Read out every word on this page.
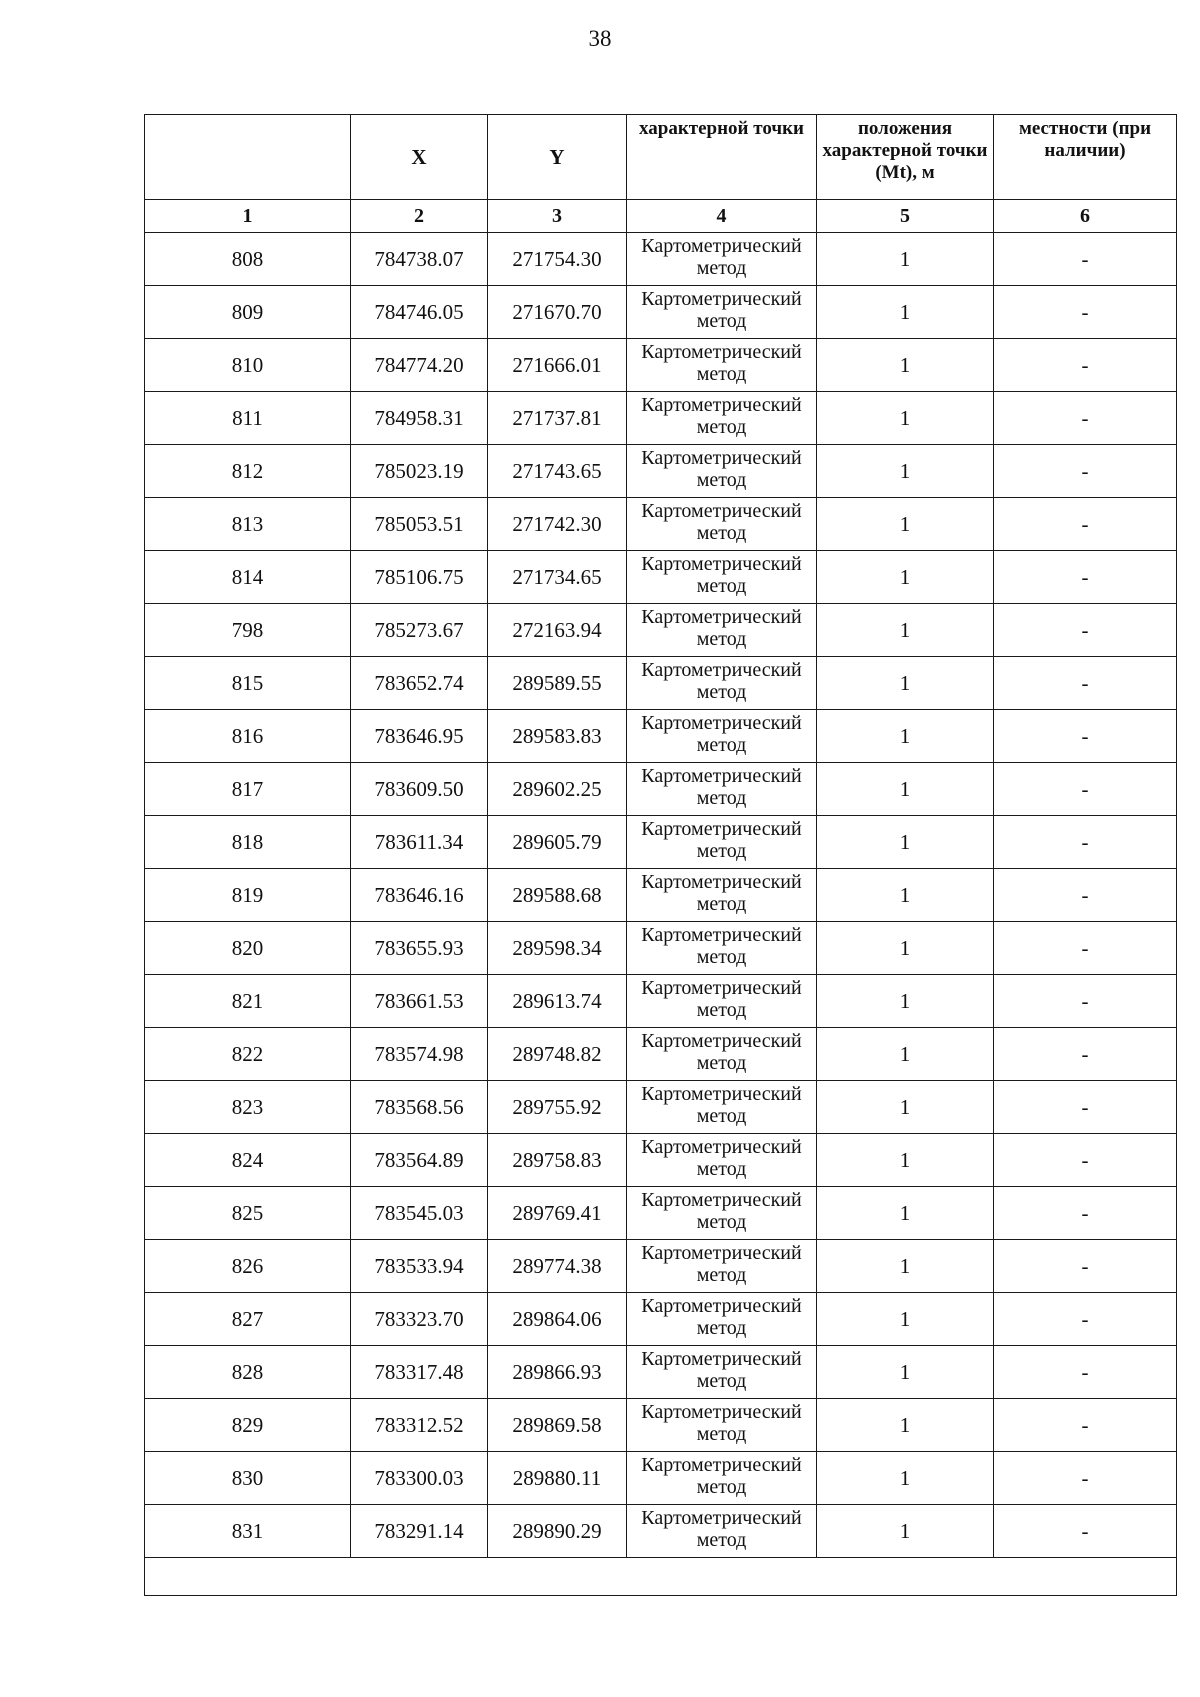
38
	X	Y	характерной точки	положения характерной точки (Mt), м	местности (при наличии)

1	2	3	4	5	6
808	784738.07	271754.30	Картометрический метод	1	-
809	784746.05	271670.70	Картометрический метод	1	-
810	784774.20	271666.01	Картометрический метод	1	-
811	784958.31	271737.81	Картометрический метод	1	-
812	785023.19	271743.65	Картометрический метод	1	-
813	785053.51	271742.30	Картометрический метод	1	-
814	785106.75	271734.65	Картометрический метод	1	-
798	785273.67	272163.94	Картометрический метод	1	-
815	783652.74	289589.55	Картометрический метод	1	-
816	783646.95	289583.83	Картометрический метод	1	-
817	783609.50	289602.25	Картометрический метод	1	-
818	783611.34	289605.79	Картометрический метод	1	-
819	783646.16	289588.68	Картометрический метод	1	-
820	783655.93	289598.34	Картометрический метод	1	-
821	783661.53	289613.74	Картометрический метод	1	-
822	783574.98	289748.82	Картометрический метод	1	-
823	783568.56	289755.92	Картометрический метод	1	-
824	783564.89	289758.83	Картометрический метод	1	-
825	783545.03	289769.41	Картометрический метод	1	-
826	783533.94	289774.38	Картометрический метод	1	-
827	783323.70	289864.06	Картометрический метод	1	-
828	783317.48	289866.93	Картометрический метод	1	-
829	783312.52	289869.58	Картометрический метод	1	-
830	783300.03	289880.11	Картометрический метод	1	-
831	783291.14	289890.29	Картометрический метод	1	-
